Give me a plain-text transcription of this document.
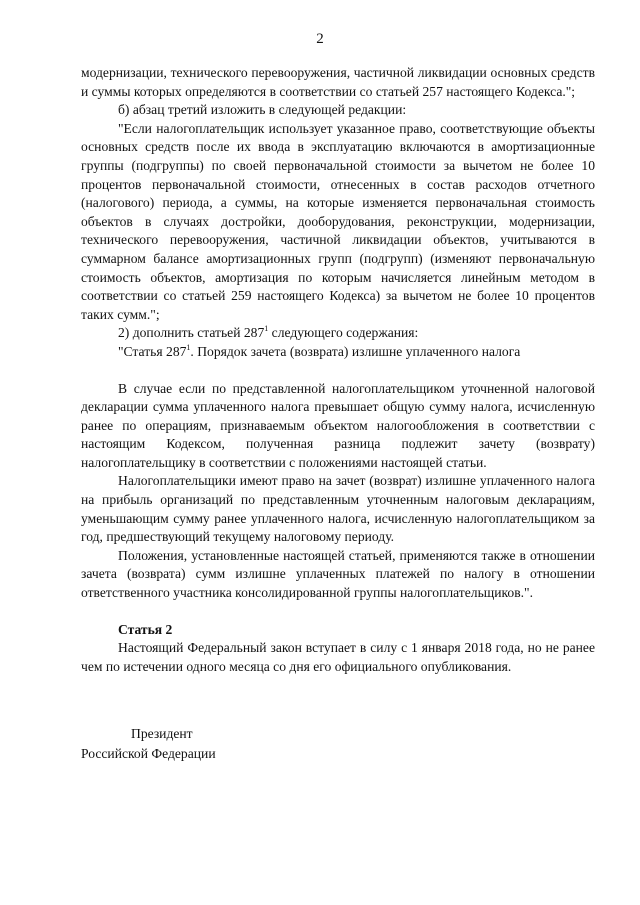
2

модернизации, технического перевооружения, частичной ликвидации основных средств и суммы которых определяются в соответствии со статьей 257 настоящего Кодекса.";

б) абзац третий изложить в следующей редакции:

"Если налогоплательщик использует указанное право, соответствующие объекты основных средств после их ввода в эксплуатацию включаются в амортизационные группы (подгруппы) по своей первоначальной стоимости за вычетом не более 10 процентов первоначальной стоимости, отнесенных в состав расходов отчетного (налогового) периода, а суммы, на которые изменяется первоначальная стоимость объектов в случаях достройки, дооборудования, реконструкции, модернизации, технического перевооружения, частичной ликвидации объектов, учитываются в суммарном балансе амортизационных групп (подгрупп) (изменяют первоначальную стоимость объектов, амортизация по которым начисляется линейным методом в соответствии со статьей 259 настоящего Кодекса) за вычетом не более 10 процентов таких сумм.";

2) дополнить статьей $287^1$ следующего содержания:

"Статья $287^1$. Порядок зачета (возврата) излишне уплаченного налога

В случае если по представленной налогоплательщиком уточненной налоговой декларации сумма уплаченного налога превышает общую сумму налога, исчисленную ранее по операциям, признаваемым объектом налогообложения в соответствии с настоящим Кодексом, полученная разница подлежит зачету (возврату) налогоплательщику в соответствии с положениями настоящей статьи.

Налогоплательщики имеют право на зачет (возврат) излишне уплаченного налога на прибыль организаций по представленным уточненным налоговым декларациям, уменьшающим сумму ранее уплаченного налога, исчисленную налогоплательщиком за год, предшествующий текущему налоговому периоду.

Положения, установленные настоящей статьей, применяются также в отношении зачета (возврата) сумм излишне уплаченных платежей по налогу в отношении ответственного участника консолидированной группы налогоплательщиков.".

Статья 2

Настоящий Федеральный закон вступает в силу с 1 января 2018 года, но не ранее чем по истечении одного месяца со дня его официального опубликования.

Президент
Российской Федерации
